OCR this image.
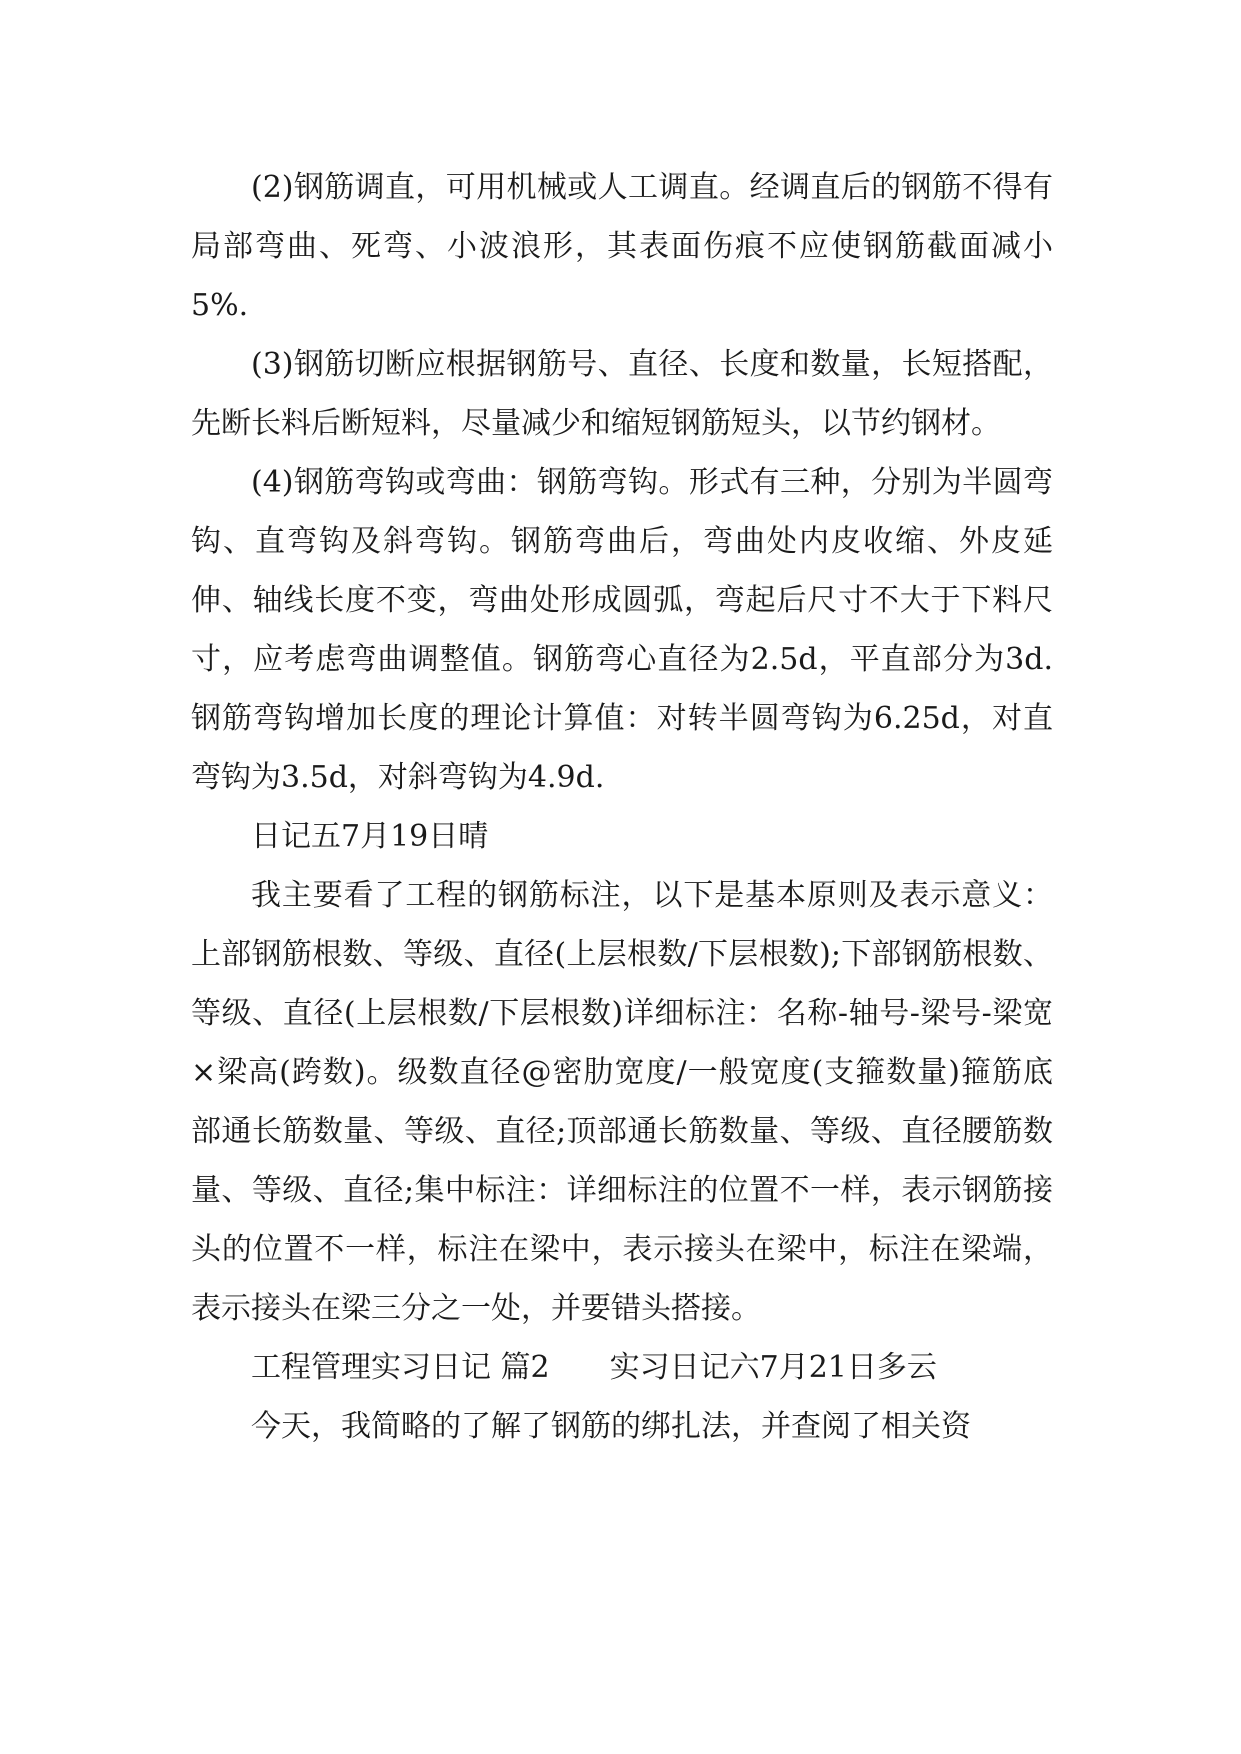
(2)钢筋调直，可用机械或人工调直。经调直后的钢筋不得有局部弯曲、死弯、小波浪形，其表面伤痕不应使钢筋截面减小5%.

(3)钢筋切断应根据钢筋号、直径、长度和数量，长短搭配，先断长料后断短料，尽量减少和缩短钢筋短头，以节约钢材。

(4)钢筋弯钩或弯曲：钢筋弯钩。形式有三种，分别为半圆弯钩、直弯钩及斜弯钩。钢筋弯曲后，弯曲处内皮收缩、外皮延伸、轴线长度不变，弯曲处形成圆弧，弯起后尺寸不大于下料尺寸，应考虑弯曲调整值。钢筋弯心直径为2.5d，平直部分为3d.钢筋弯钩增加长度的理论计算值：对转半圆弯钩为6.25d，对直弯钩为3.5d，对斜弯钩为4.9d.

日记五7月19日晴

我主要看了工程的钢筋标注，以下是基本原则及表示意义：上部钢筋根数、等级、直径(上层根数/下层根数);下部钢筋根数、等级、直径(上层根数/下层根数)详细标注：名称-轴号-梁号-梁宽×梁高(跨数)。级数直径@密肋宽度/一般宽度(支箍数量)箍筋底部通长筋数量、等级、直径;顶部通长筋数量、等级、直径腰筋数量、等级、直径;集中标注：详细标注的位置不一样，表示钢筋接头的位置不一样，标注在梁中，表示接头在梁中，标注在梁端，表示接头在梁三分之一处，并要错头搭接。

工程管理实习日记 篇2　　实习日记六7月21日多云

今天，我简略的了解了钢筋的绑扎法，并查阅了相关资
